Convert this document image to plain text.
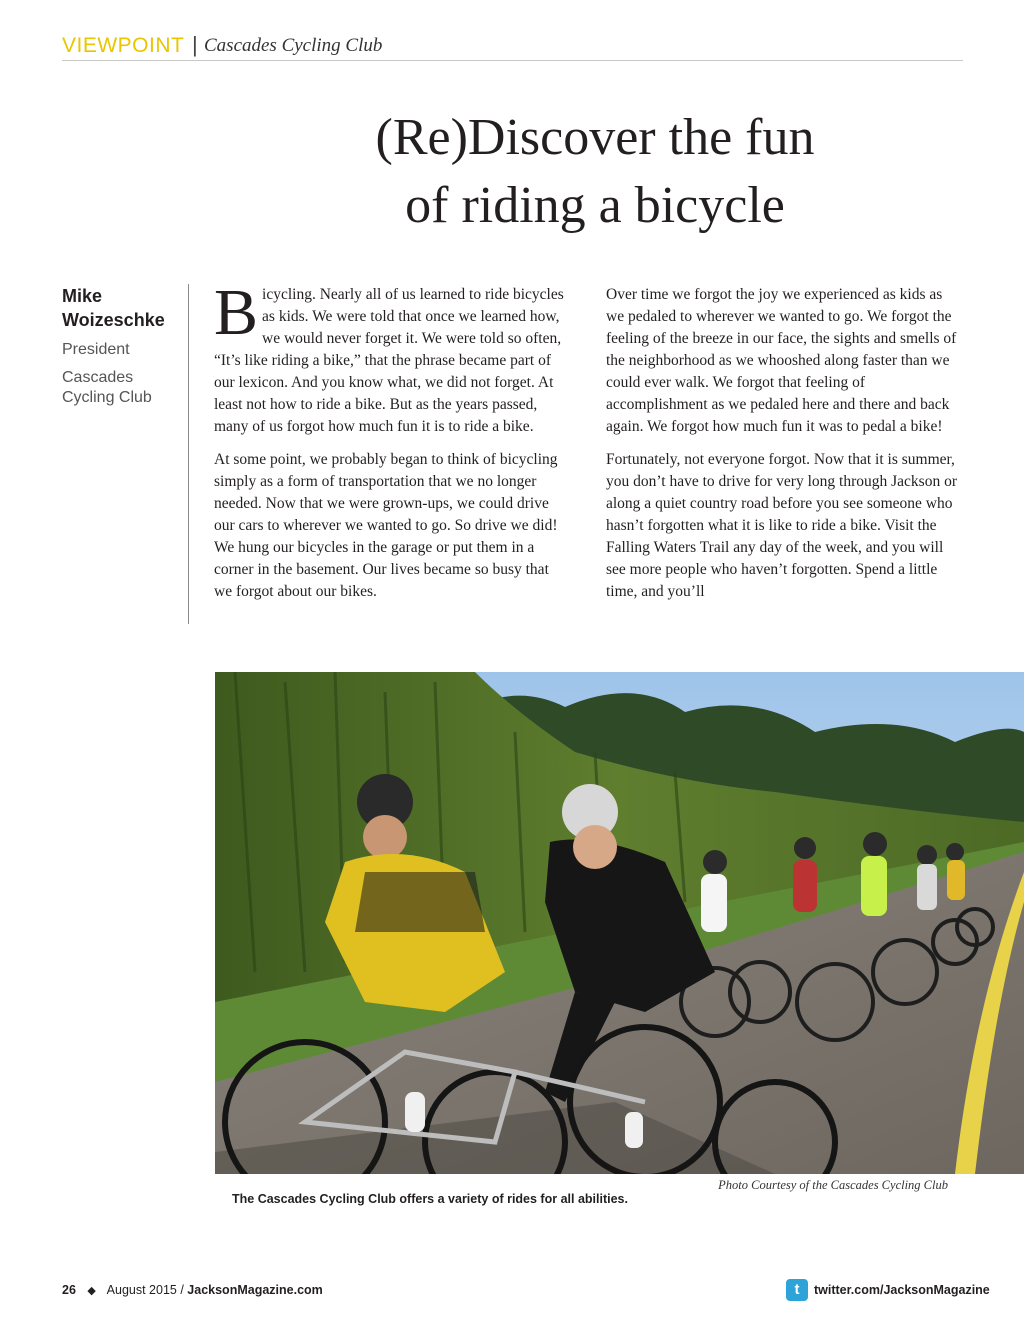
VIEWPOINT | Cascades Cycling Club
(Re)Discover the fun
of riding a bicycle
Mike
Woizeschke
President
Cascades Cycling Club

Bicycling. Nearly all of us learned to ride bicycles as kids. We were told that once we learned how, we would never forget it. We were told so often, “It’s like riding a bike,” that the phrase became part of our lexicon. And you know what, we did not forget. At least not how to ride a bike. But as the years passed, many of us forgot how much fun it is to ride a bike.

At some point, we probably began to think of bicycling simply as a form of transportation that we no longer needed. Now that we were grown-ups, we could drive our cars to wherever we wanted to go. So drive we did! We hung our bicycles in the garage or put them in a corner in the basement. Our lives became so busy that we forgot about our bikes.

Over time we forgot the joy we experienced as kids as we pedaled to wherever we wanted to go. We forgot the feeling of the breeze in our face, the sights and smells of the neighborhood as we whooshed along faster than we could ever walk. We forgot that feeling of accomplishment as we pedaled here and there and back again. We forgot how much fun it was to pedal a bike!

Fortunately, not everyone forgot. Now that it is summer, you don’t have to drive for very long through Jackson or along a quiet country road before you see someone who hasn’t forgotten what it is like to ride a bike. Visit the Falling Waters Trail any day of the week, and you will see more people who haven’t forgotten. Spend a little time, and you’ll

Photo Courtesy of the Cascades Cycling Club
The Cascades Cycling Club offers a variety of rides for all abilities.
26 ◆ August 2015 / JacksonMagazine.com	t	twitter.com/JacksonMagazine
